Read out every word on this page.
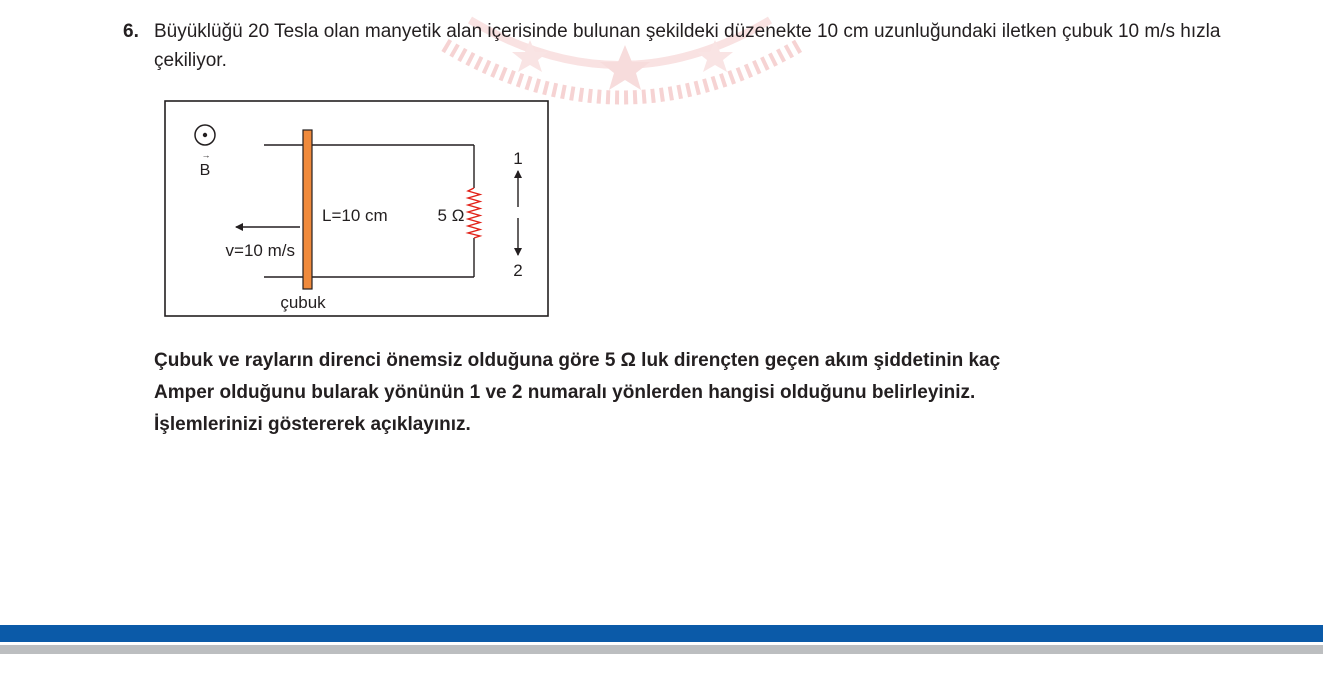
6. Büyüklüğü 20 Tesla olan manyetik alan içerisinde bulunan şekildeki düzenekte 10 cm uzunluğundaki iletken çubuk 10 m/s hızla çekiliyor.
→
B
5 Ω
L=10 cm
çubuk
v=10 m/s
1
2
Çubuk ve rayların direnci önemsiz olduğuna göre 5 Ω luk dirençten geçen akım şiddetinin kaç
Amper olduğunu bularak yönünün 1 ve 2 numaralı yönlerden hangisi olduğunu belirleyiniz.
İşlemlerinizi göstererek açıklayınız.
